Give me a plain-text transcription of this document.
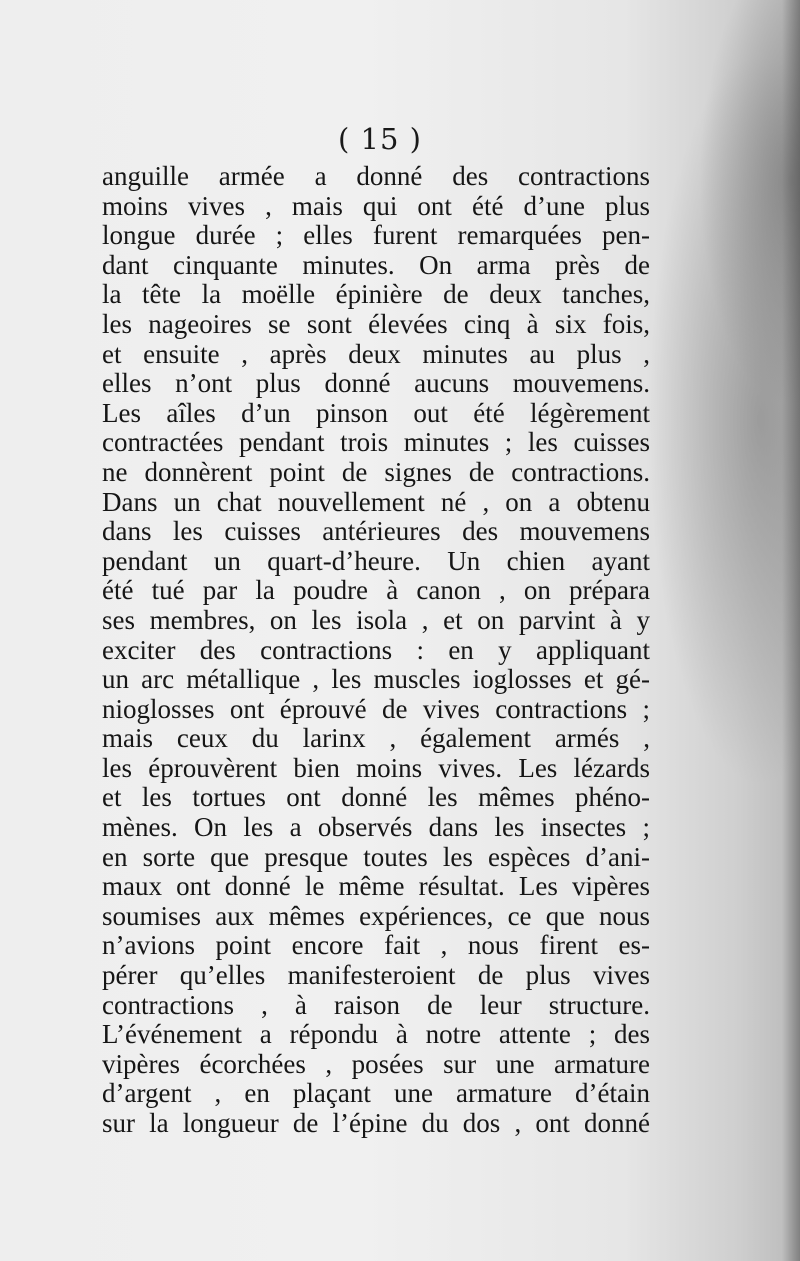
( 15 )
anguille armée a donné des contractions
moins vives , mais qui ont été d’une plus
longue durée ; elles furent remarquées pen-
dant cinquante minutes. On arma près de
la tête la moëlle épinière de deux tanches,
les nageoires se sont élevées cinq à six fois,
et ensuite , après deux minutes au plus ,
elles n’ont plus donné aucuns mouvemens.
Les aîles d’un pinson out été légèrement
contractées pendant trois minutes ; les cuisses
ne donnèrent point de signes de contractions.
Dans un chat nouvellement né , on a obtenu
dans les cuisses antérieures des mouvemens
pendant un quart-d’heure. Un chien ayant
été tué par la poudre à canon , on prépara
ses membres, on les isola , et on parvint à y
exciter des contractions : en y appliquant
un arc métallique , les muscles ioglosses et gé-
nioglosses ont éprouvé de vives contractions ;
mais ceux du larinx , également armés ,
les éprouvèrent bien moins vives. Les lézards
et les tortues ont donné les mêmes phéno-
mènes. On les a observés dans les insectes ;
en sorte que presque toutes les espèces d’ani-
maux ont donné le même résultat. Les vipères
soumises aux mêmes expériences, ce que nous
n’avions point encore fait , nous firent es-
pérer qu’elles manifesteroient de plus vives
contractions , à raison de leur structure.
L’événement a répondu à notre attente ; des
vipères écorchées , posées sur une armature
d’argent , en plaçant une armature d’étain
sur la longueur de l’épine du dos , ont donné
